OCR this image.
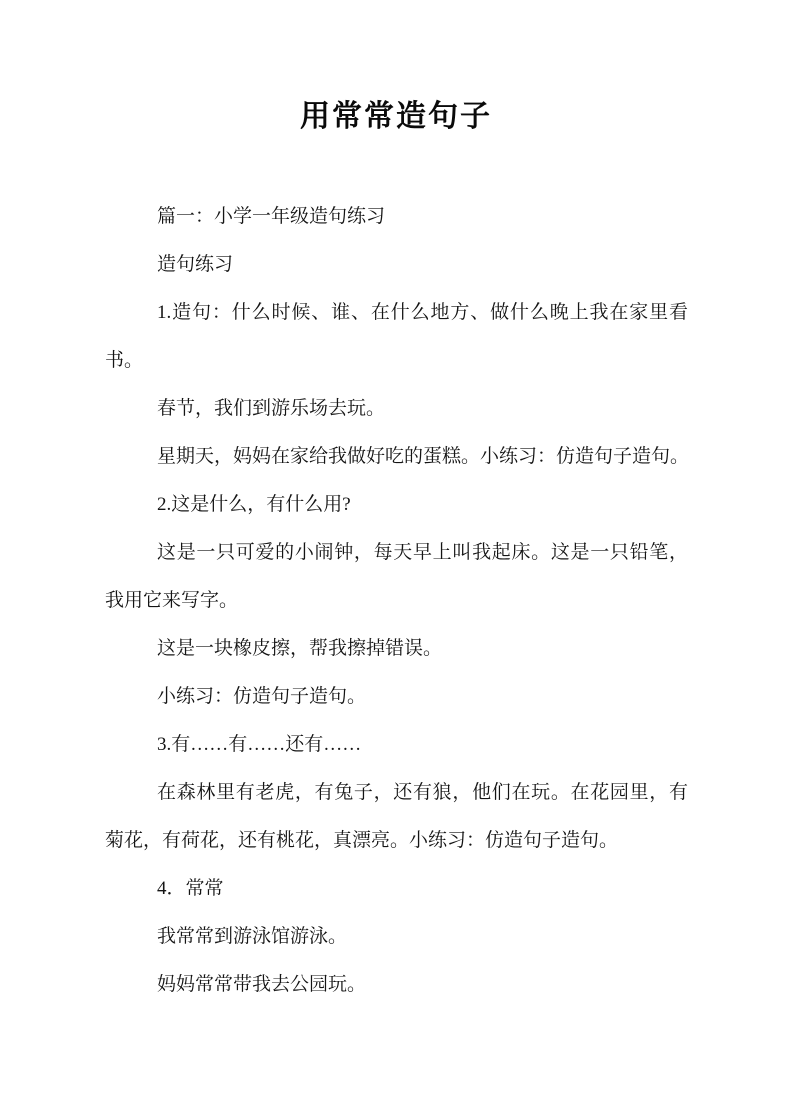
用常常造句子
篇一：小学一年级造句练习
造句练习
1.造句：什么时候、谁、在什么地方、做什么晚上我在家里看
书。
春节，我们到游乐场去玩。
星期天，妈妈在家给我做好吃的蛋糕。小练习：仿造句子造句。
2.这是什么，有什么用?
这是一只可爱的小闹钟，每天早上叫我起床。这是一只铅笔，
我用它来写字。
这是一块橡皮擦，帮我擦掉错误。
小练习：仿造句子造句。
3.有……有……还有……
在森林里有老虎，有兔子，还有狼，他们在玩。在花园里，有
菊花，有荷花，还有桃花，真漂亮。小练习：仿造句子造句。
4．常常
我常常到游泳馆游泳。
妈妈常常带我去公园玩。
